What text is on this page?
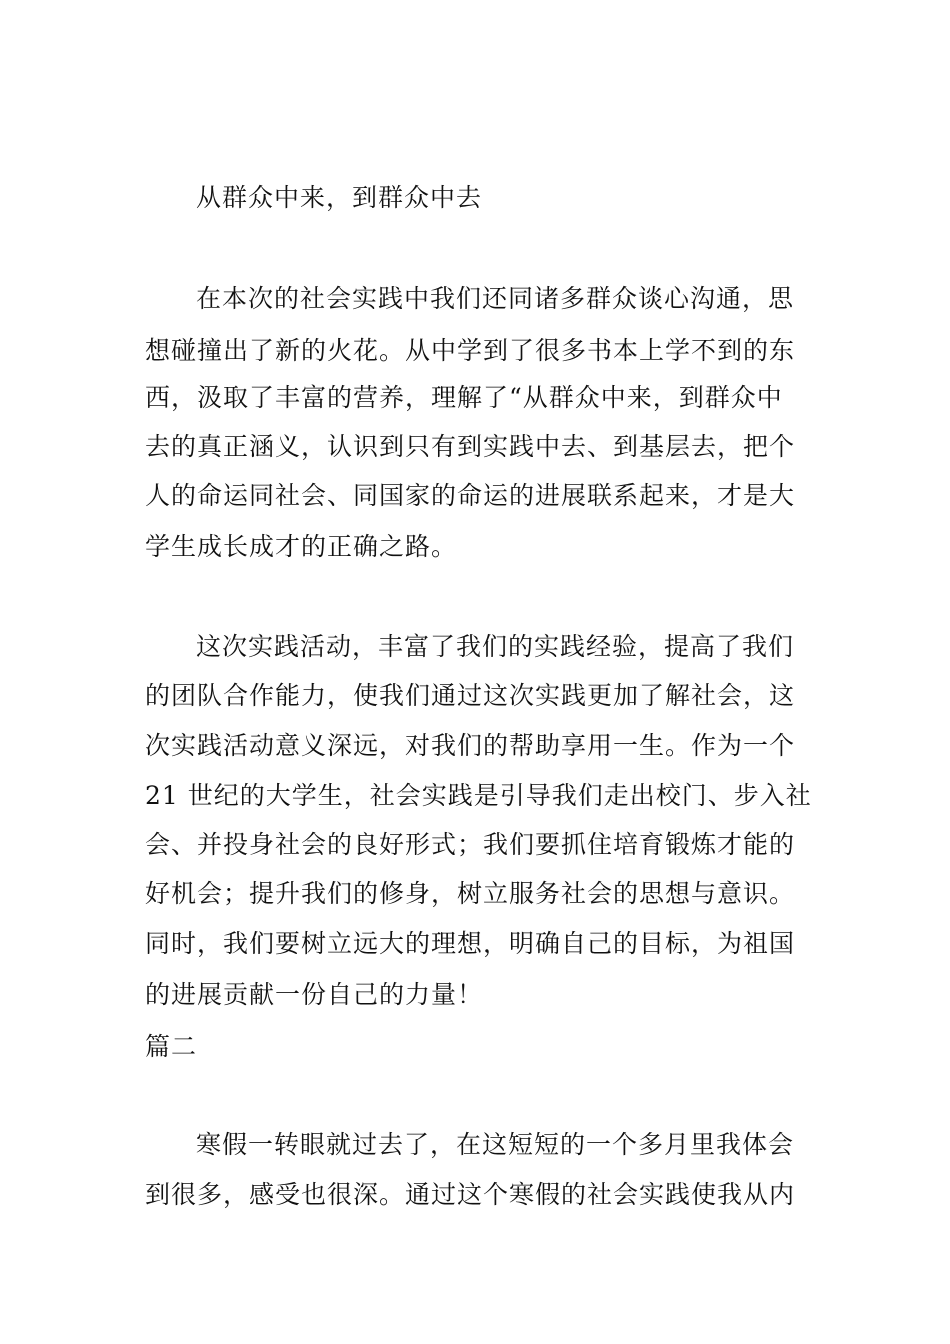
从群众中来，到群众中去
在本次的社会实践中我们还同诸多群众谈心沟通，思
想碰撞出了新的火花。从中学到了很多书本上学不到的东
西，汲取了丰富的营养，理解了“从群众中来，到群众中
去的真正涵义，认识到只有到实践中去、到基层去，把个
人的命运同社会、同国家的命运的进展联系起来，才是大
学生成长成才的正确之路。
这次实践活动，丰富了我们的实践经验，提高了我们
的团队合作能力，使我们通过这次实践更加了解社会，这
次实践活动意义深远，对我们的帮助享用一生。作为一个
21 世纪的大学生，社会实践是引导我们走出校门、步入社
会、并投身社会的良好形式；我们要抓住培育锻炼才能的
好机会；提升我们的修身，树立服务社会的思想与意识。
同时，我们要树立远大的理想，明确自己的目标，为祖国
的进展贡献一份自己的力量！
篇二
寒假一转眼就过去了，在这短短的一个多月里我体会
到很多，感受也很深。通过这个寒假的社会实践使我从内
